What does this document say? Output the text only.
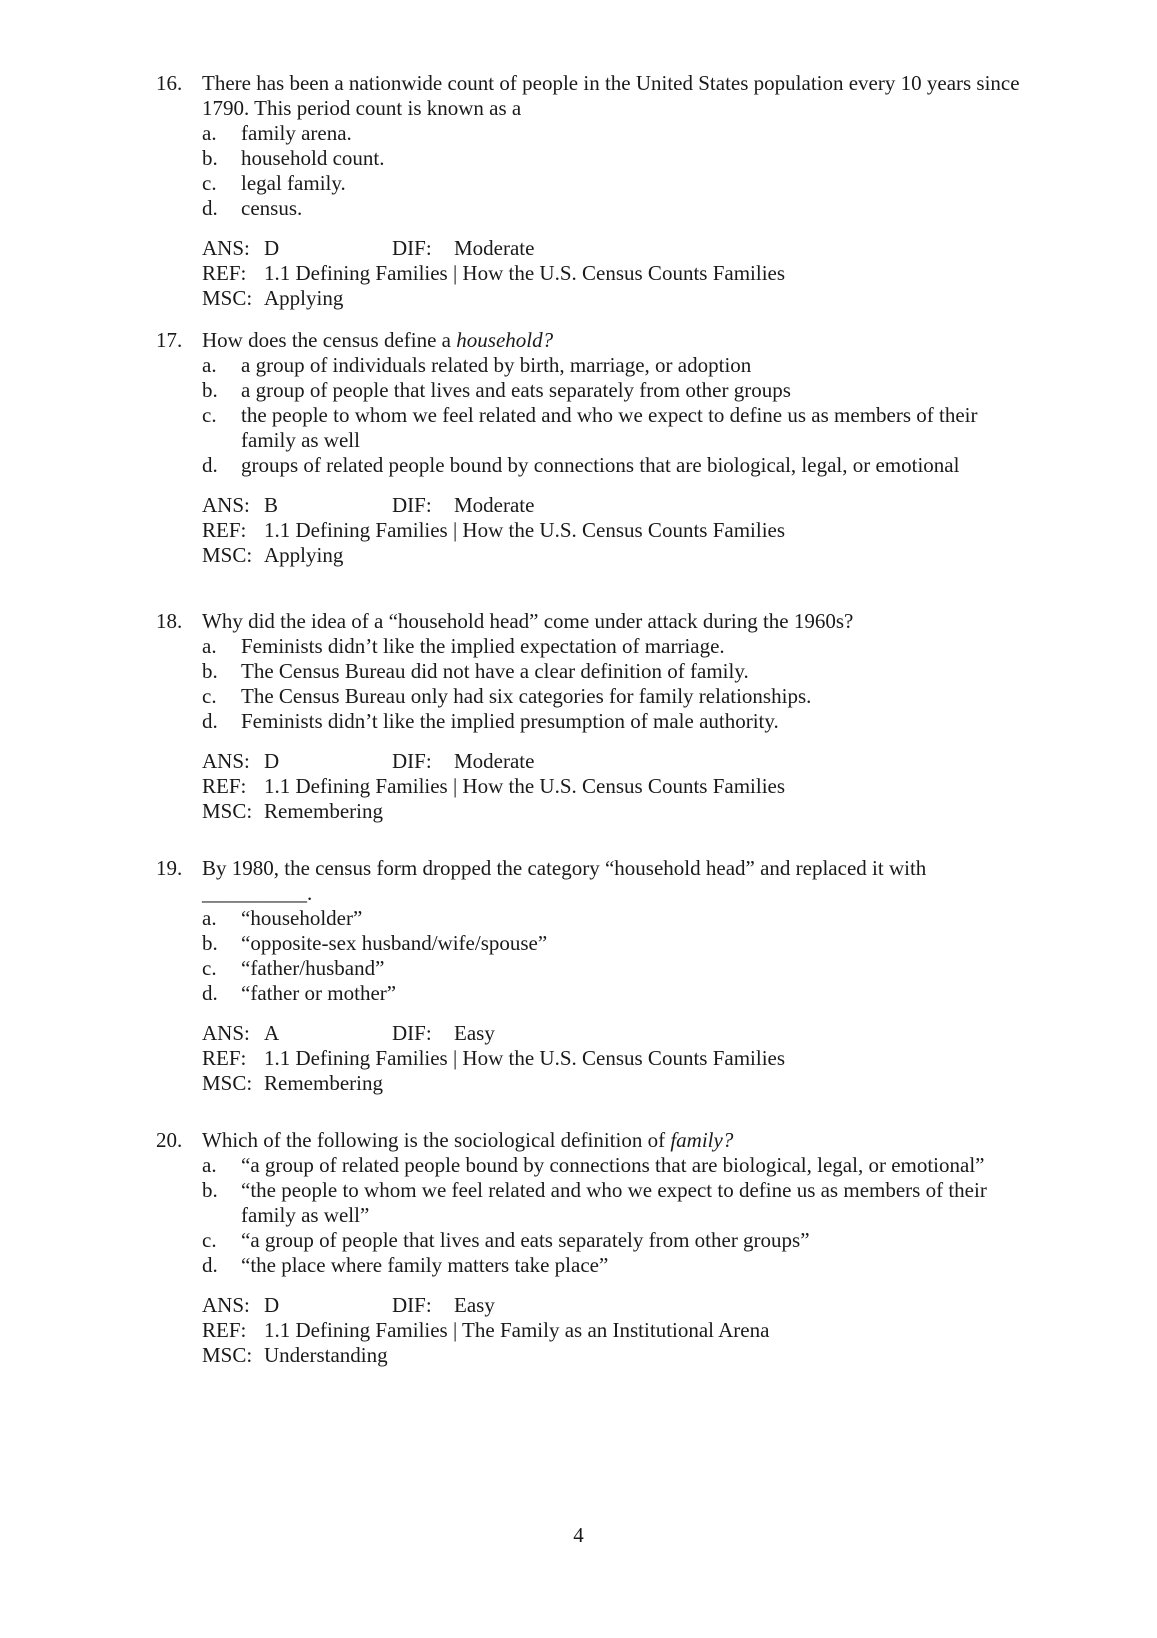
16. There has been a nationwide count of people in the United States population every 10 years since 1790. This period count is known as a
a. family arena.
b. household count.
c. legal family.
d. census.
ANS: D	DIF:	Moderate
REF: 1.1 Defining Families | How the U.S. Census Counts Families
MSC: Applying
17. How does the census define a household?
a. a group of individuals related by birth, marriage, or adoption
b. a group of people that lives and eats separately from other groups
c. the people to whom we feel related and who we expect to define us as members of their family as well
d. groups of related people bound by connections that are biological, legal, or emotional
ANS: B	DIF:	Moderate
REF: 1.1 Defining Families | How the U.S. Census Counts Families
MSC: Applying
18. Why did the idea of a “household head” come under attack during the 1960s?
a. Feminists didn’t like the implied expectation of marriage.
b. The Census Bureau did not have a clear definition of family.
c. The Census Bureau only had six categories for family relationships.
d. Feminists didn’t like the implied presumption of male authority.
ANS: D	DIF:	Moderate
REF: 1.1 Defining Families | How the U.S. Census Counts Families
MSC: Remembering
19. By 1980, the census form dropped the category “household head” and replaced it with
__________.
a. “householder”
b. “opposite-sex husband/wife/spouse”
c. “father/husband”
d. “father or mother”
ANS: A	DIF:	Easy
REF: 1.1 Defining Families | How the U.S. Census Counts Families
MSC: Remembering
20. Which of the following is the sociological definition of family?
a. “a group of related people bound by connections that are biological, legal, or emotional”
b. “the people to whom we feel related and who we expect to define us as members of their family as well”
c. “a group of people that lives and eats separately from other groups”
d. “the place where family matters take place”
ANS: D	DIF:	Easy
REF: 1.1 Defining Families | The Family as an Institutional Arena
MSC: Understanding
4
